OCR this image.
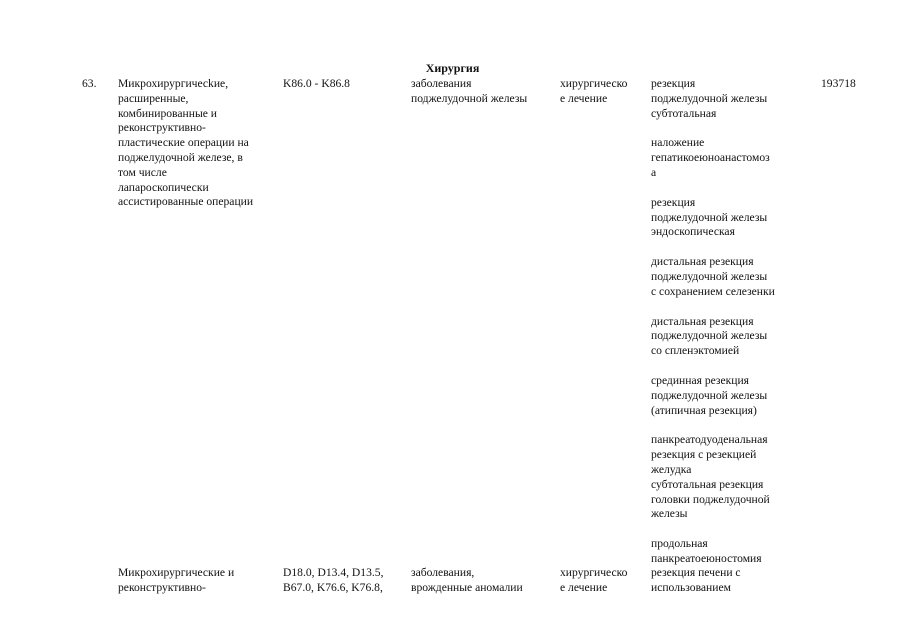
Хирургия
63. Микрохирургичесkие,
расширенные,
комбинированные и
реконструктивно-
пластические операции на
поджелудочной железе, в
том числе
лапароскопически
ассистированные операции
K86.0 - K86.8	заболевания
поджелудочной железы
хирургическо
е лечение
резекция
поджелудочной железы
субтотальная
наложение
гепатикоеюноанастомоз
а
резекция
поджелудочной железы
эндоскопическая
дистальная резекция
поджелудочной железы
с сохранением селезенки
дистальная резекция
поджелудочной железы
со спленэктомией
срединная резекция
поджелудочной железы
(атипичная резекция)
панкреатодуоденальная
резекция с резекцией
желудка
субтотальная резекция
головки поджелудочной
железы
продольная
панкреатоеюностомия
193718
Микрохирургические и
реконструктивно-
D18.0, D13.4, D13.5,
B67.0, K76.6, K76.8,
заболевания,
врожденные аномалии
хирургическо
е лечение
резекция печени с
использованием
